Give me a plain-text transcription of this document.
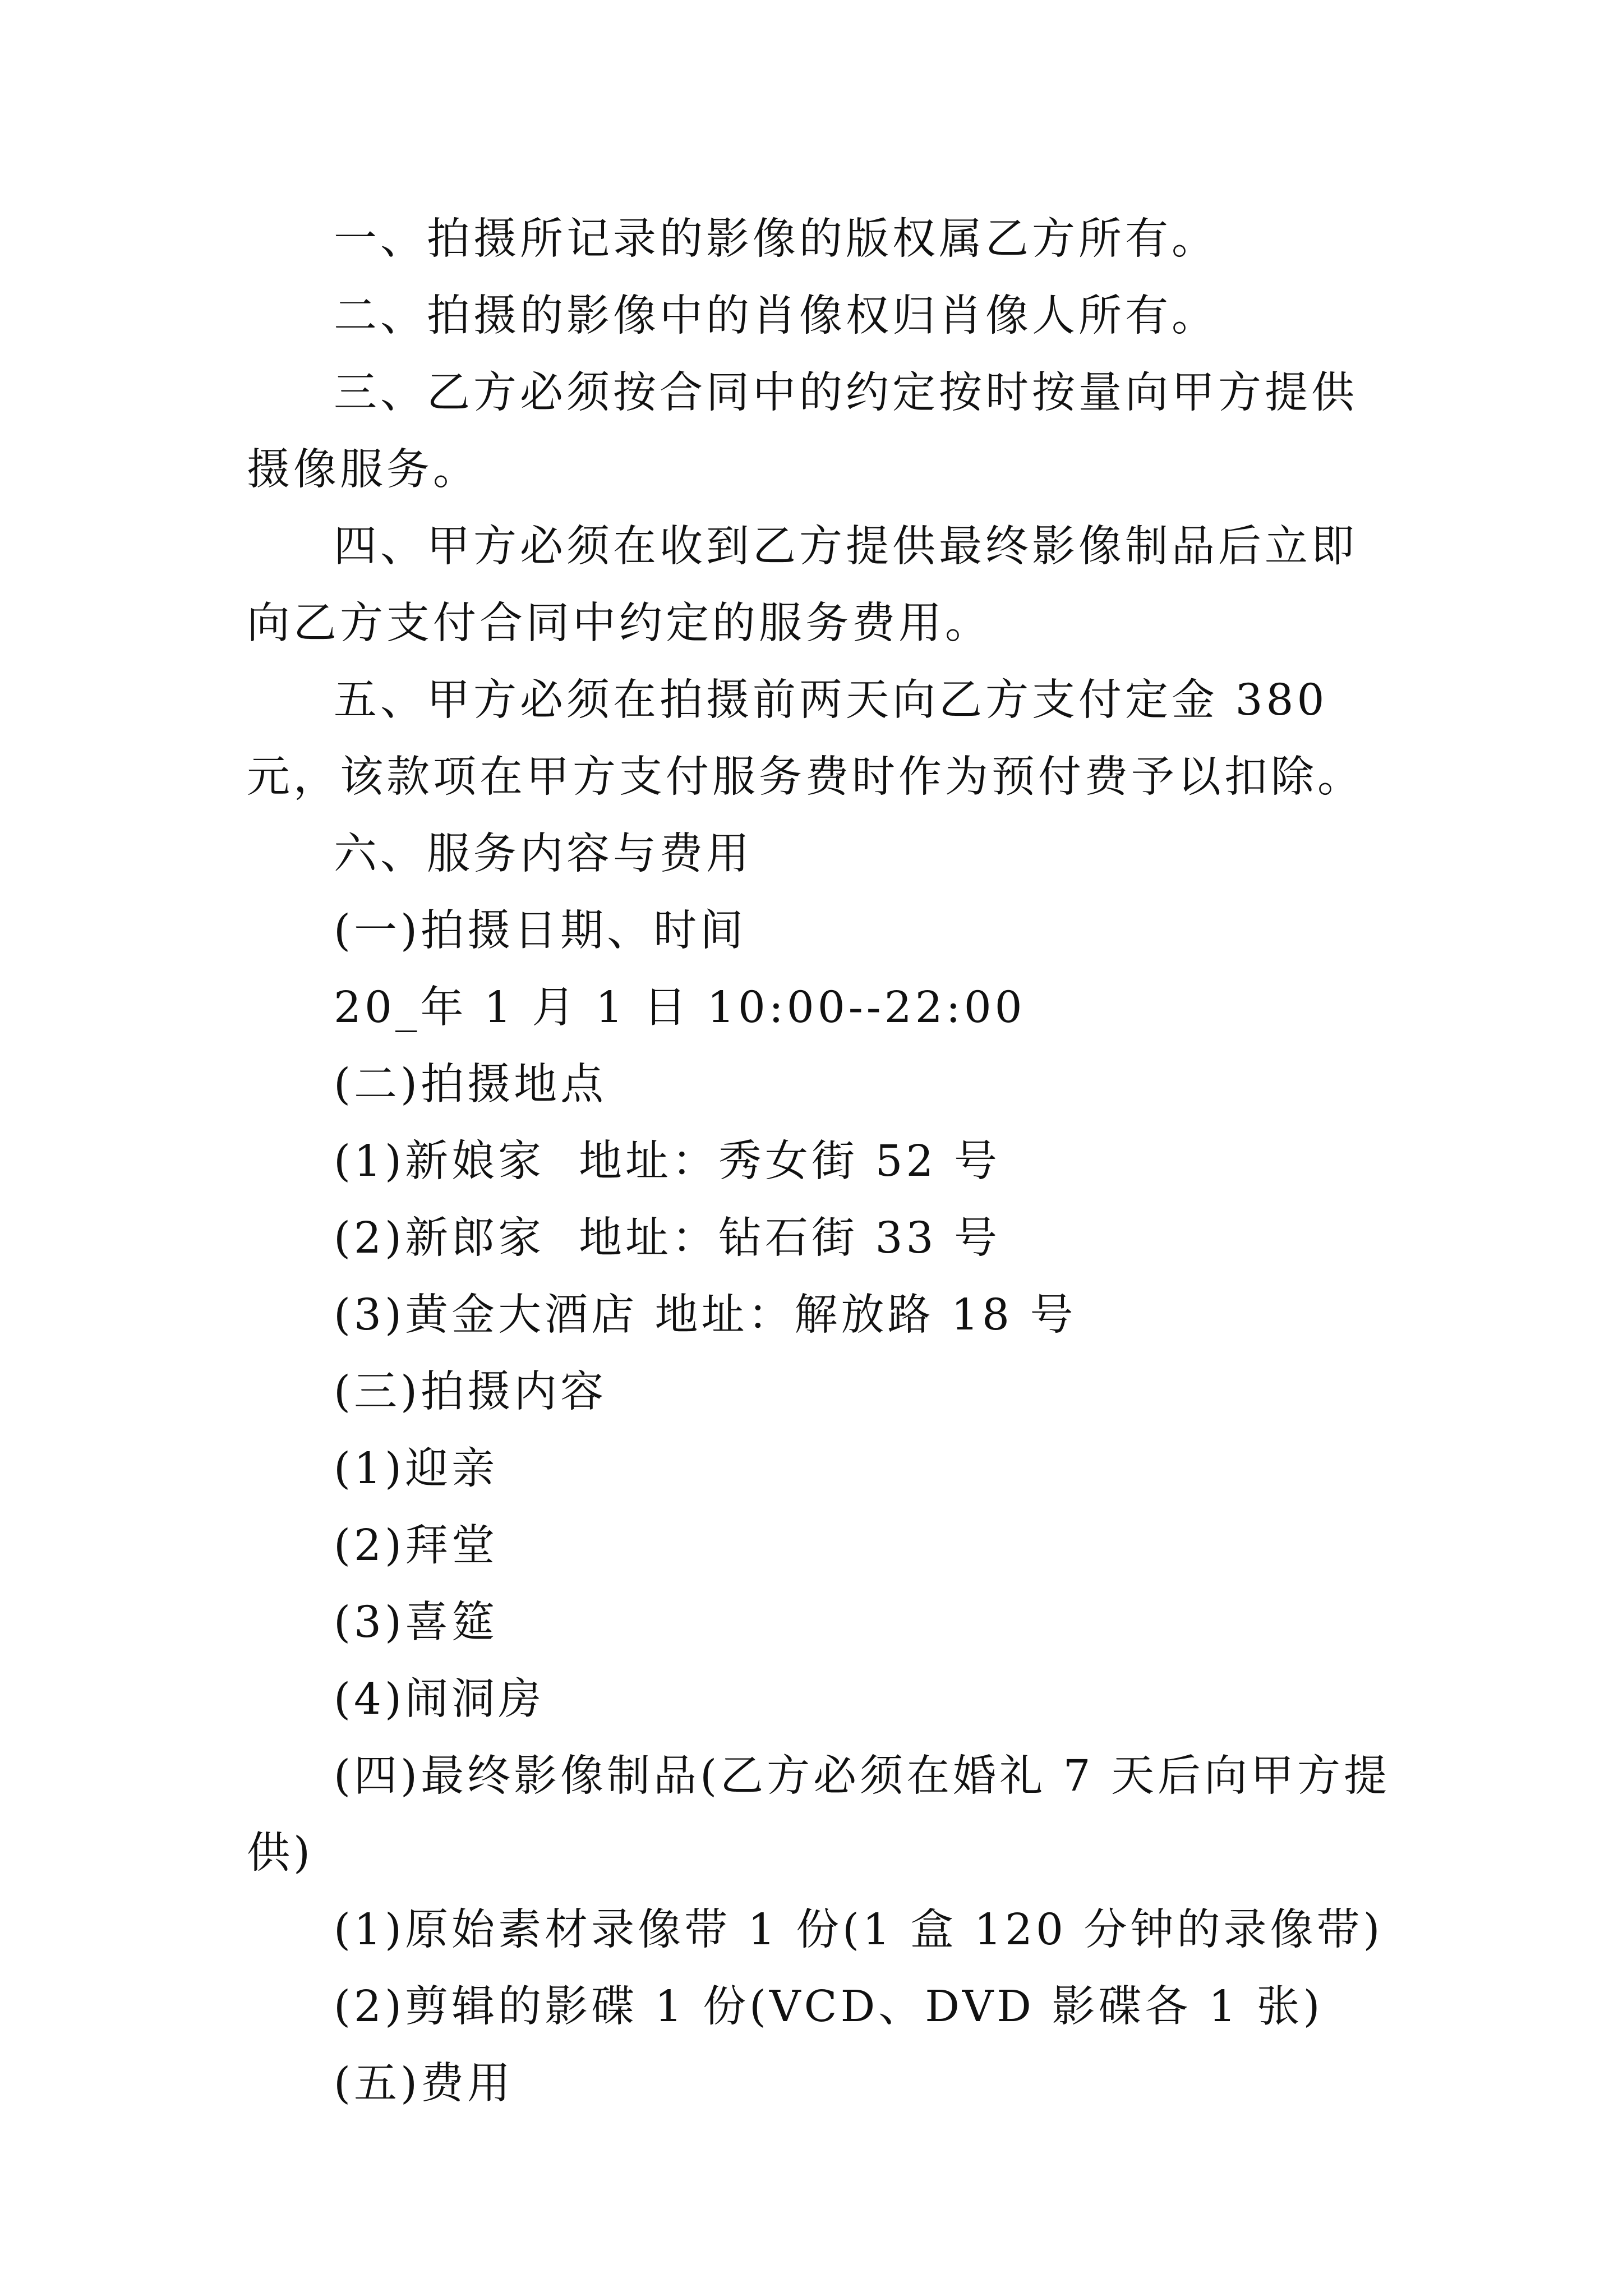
一、拍摄所记录的影像的版权属乙方所有。

二、拍摄的影像中的肖像权归肖像人所有。

三、乙方必须按合同中的约定按时按量向甲方提供摄像服务。

四、甲方必须在收到乙方提供最终影像制品后立即向乙方支付合同中约定的服务费用。

五、甲方必须在拍摄前两天向乙方支付定金 380 元，该款项在甲方支付服务费时作为预付费予以扣除。

六、服务内容与费用

(一)拍摄日期、时间

20_年 1 月 1 日 10:00--22:00

(二)拍摄地点

(1)新娘家  地址：秀女街 52 号

(2)新郎家  地址：钻石街 33 号

(3)黄金大酒店 地址：解放路 18 号

(三)拍摄内容

(1)迎亲

(2)拜堂

(3)喜筵

(4)闹洞房

(四)最终影像制品(乙方必须在婚礼 7 天后向甲方提供)

(1)原始素材录像带 1 份(1 盒 120 分钟的录像带)

(2)剪辑的影碟 1 份(VCD、DVD 影碟各 1 张)

(五)费用
